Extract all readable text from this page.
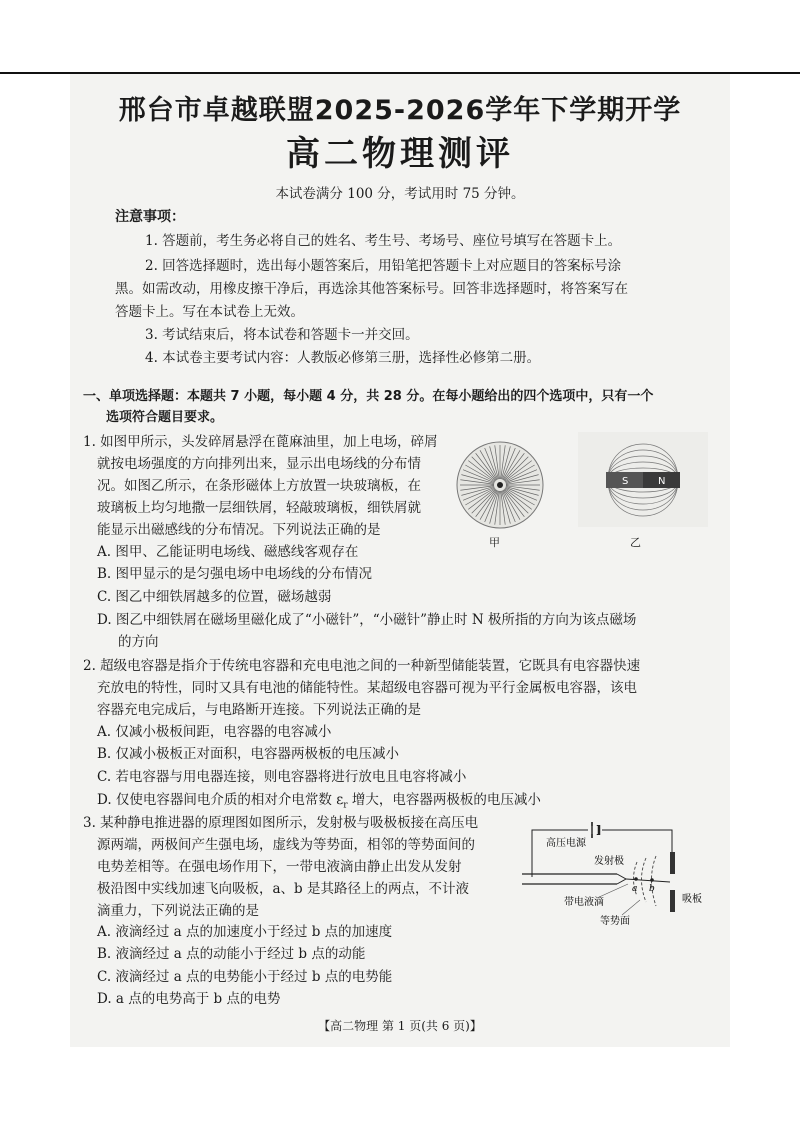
邢台市卓越联盟2025-2026学年下学期开学
高二物理测评
本试卷满分 100 分，考试用时 75 分钟。
注意事项：
1. 答题前，考生务必将自己的姓名、考生号、考场号、座位号填写在答题卡上。
2. 回答选择题时，选出每小题答案后，用铅笔把答题卡上对应题目的答案标号涂
黑。如需改动，用橡皮擦干净后，再选涂其他答案标号。回答非选择题时，将答案写在
答题卡上。写在本试卷上无效。
3. 考试结束后，将本试卷和答题卡一并交回。
4. 本试卷主要考试内容：人教版必修第三册，选择性必修第二册。
一、单项选择题：本题共 7 小题，每小题 4 分，共 28 分。在每小题给出的四个选项中，只有一个
选项符合题目要求。
1. 如图甲所示，头发碎屑悬浮在蓖麻油里，加上电场，碎屑
就按电场强度的方向排列出来，显示出电场线的分布情
况。如图乙所示，在条形磁体上方放置一块玻璃板，在
玻璃板上均匀地撒一层细铁屑，轻敲玻璃板，细铁屑就
能显示出磁感线的分布情况。下列说法正确的是
A. 图甲、乙能证明电场线、磁感线客观存在
B. 图甲显示的是匀强电场中电场线的分布情况
C. 图乙中细铁屑越多的位置，磁场越弱
D. 图乙中细铁屑在磁场里磁化成了“小磁针”，“小磁针”静止时 N 极所指的方向为该点磁场
的方向
甲
S	N
乙
2. 超级电容器是指介于传统电容器和充电电池之间的一种新型储能装置，它既具有电容器快速
充放电的特性，同时又具有电池的储能特性。某超级电容器可视为平行金属板电容器，该电
容器充电完成后，与电路断开连接。下列说法正确的是
A. 仅减小极板间距，电容器的电容减小
B. 仅减小极板正对面积，电容器两极板的电压减小
C. 若电容器与用电器连接，则电容器将进行放电且电容将减小
D. 仅使电容器间电介质的相对介电常数 $\varepsilon_r$ 增大，电容器两极板的电压减小
3. 某种静电推进器的原理图如图所示，发射极与吸极板接在高压电
源两端，两极间产生强电场，虚线为等势面，相邻的等势面间的
电势差相等。在强电场作用下，一带电液滴由静止出发从发射
极沿图中实线加速飞向吸板，a、b 是其路径上的两点，不计液
滴重力，下列说法正确的是
A. 液滴经过 a 点的加速度小于经过 b 点的加速度
B. 液滴经过 a 点的动能小于经过 b 点的动能
C. 液滴经过 a 点的电势能小于经过 b 点的电势能
D. a 点的电势高于 b 点的电势
a b
高压电源
发射极
带电液滴
等势面
吸板
【高二物理 第 1 页(共 6 页)】
